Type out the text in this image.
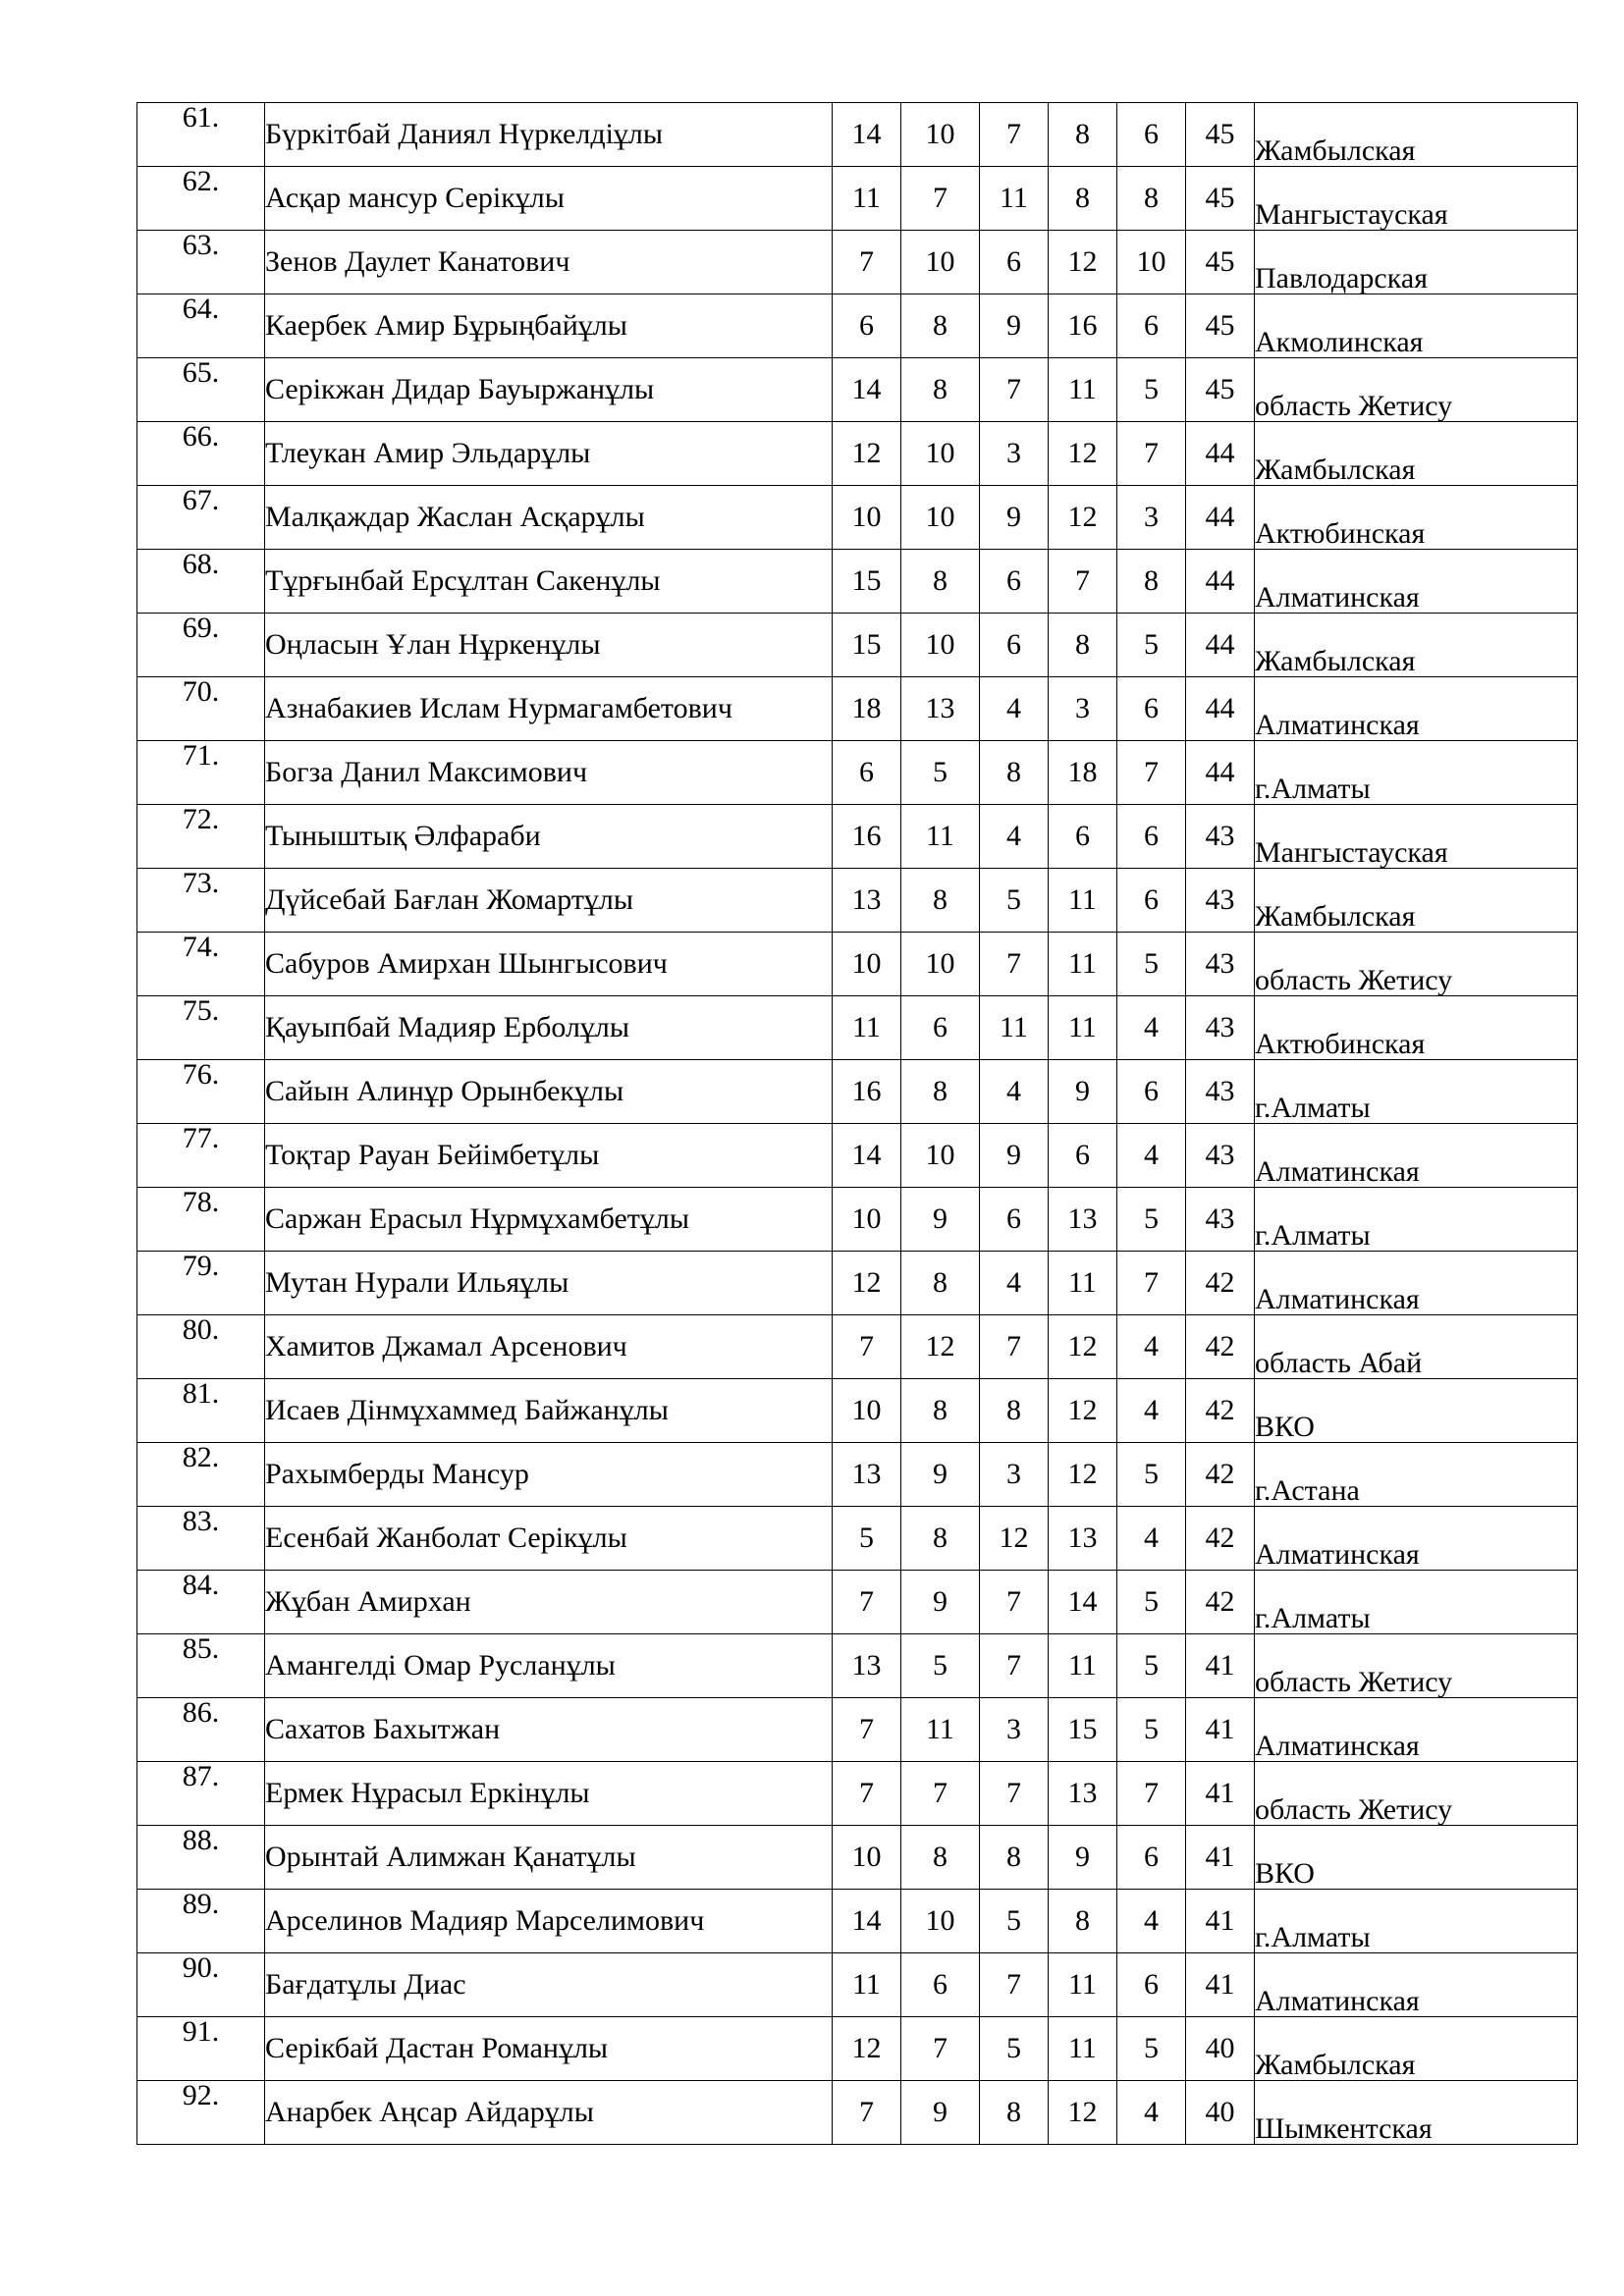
61.	Бүркітбай Даниял Нүркелдіұлы	14	10	7	8	6	45	Жамбылская
62.	Асқар мансур Серікұлы	11	7	11	8	8	45	Мангыстауская
63.	Зенов Даулет Канатович	7	10	6	12	10	45	Павлодарская
64.	Каербек Амир Бұрыңбайұлы	6	8	9	16	6	45	Акмолинская
65.	Серікжан Дидар Бауыржанұлы	14	8	7	11	5	45	область Жетису
66.	Тлеукан Амир Эльдарұлы	12	10	3	12	7	44	Жамбылская
67.	Малқаждар Жаслан Асқарұлы	10	10	9	12	3	44	Актюбинская
68.	Тұрғынбай Ерсұлтан Сакенұлы	15	8	6	7	8	44	Алматинская
69.	Оңласын Ұлан Нұркенұлы	15	10	6	8	5	44	Жамбылская
70.	Азнабакиев Ислам Нурмагамбетович	18	13	4	3	6	44	Алматинская
71.	Богза Данил Максимович	6	5	8	18	7	44	г.Алматы
72.	Тыныштық Әлфараби	16	11	4	6	6	43	Мангыстауская
73.	Дүйсебай Бағлан Жомартұлы	13	8	5	11	6	43	Жамбылская
74.	Сабуров Амирхан Шынгысович	10	10	7	11	5	43	область Жетису
75.	Қауыпбай Мадияр Ерболұлы	11	6	11	11	4	43	Актюбинская
76.	Сайын Алинұр Орынбекұлы	16	8	4	9	6	43	г.Алматы
77.	Тоқтар Рауан Бейімбетұлы	14	10	9	6	4	43	Алматинская
78.	Саржан Ерасыл Нұрмұхамбетұлы	10	9	6	13	5	43	г.Алматы
79.	Мутан Нурали Ильяұлы	12	8	4	11	7	42	Алматинская
80.	Хамитов Джамал Арсенович	7	12	7	12	4	42	область Абай
81.	Исаев Дінмұхаммед Байжанұлы	10	8	8	12	4	42	ВКО
82.	Рахымберды Мансур	13	9	3	12	5	42	г.Астана
83.	Есенбай Жанболат Серікұлы	5	8	12	13	4	42	Алматинская
84.	Жұбан Амирхан	7	9	7	14	5	42	г.Алматы
85.	Амангелді Омар Русланұлы	13	5	7	11	5	41	область Жетису
86.	Сахатов Бахытжан	7	11	3	15	5	41	Алматинская
87.	Ермек Нұрасыл Еркінұлы	7	7	7	13	7	41	область Жетису
88.	Орынтай Алимжан Қанатұлы	10	8	8	9	6	41	ВКО
89.	Арселинов Мадияр Марселимович	14	10	5	8	4	41	г.Алматы
90.	Бағдатұлы Диас	11	6	7	11	6	41	Алматинская
91.	Серікбай Дастан Романұлы	12	7	5	11	5	40	Жамбылская
92.	Анарбек Аңсар Айдарұлы	7	9	8	12	4	40	Шымкентская
